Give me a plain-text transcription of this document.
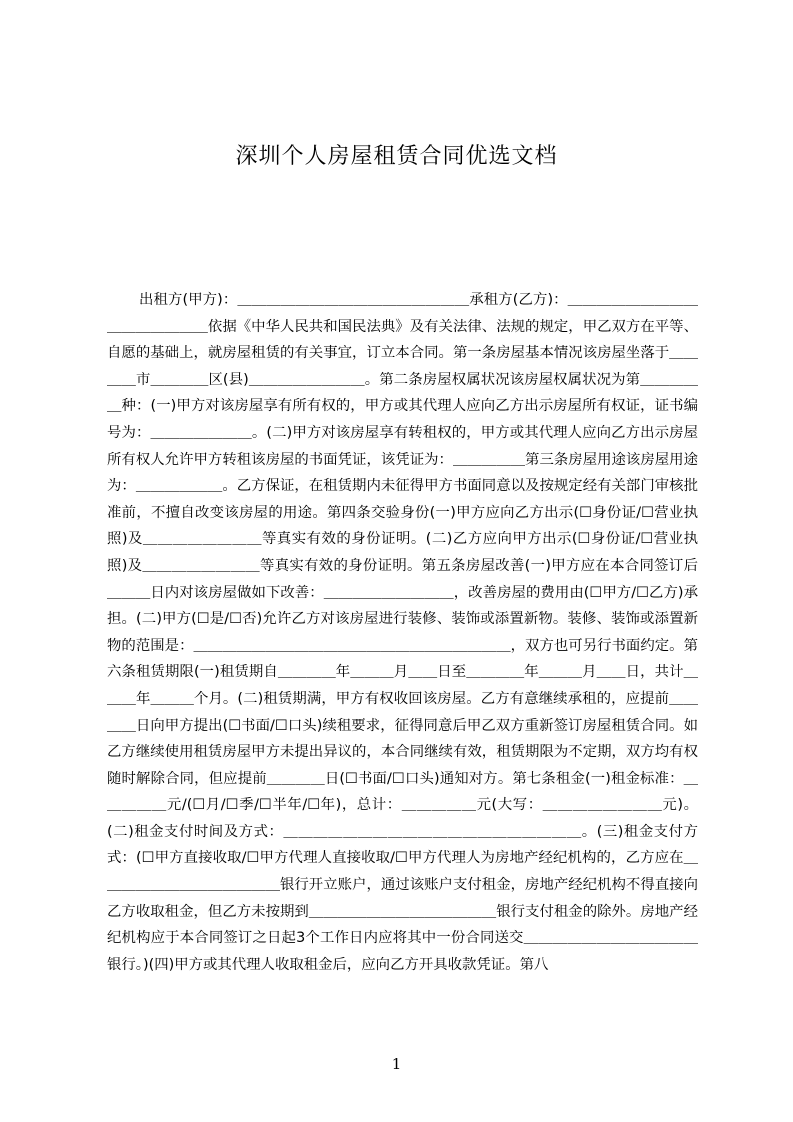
深圳个人房屋租赁合同优选文档
出租方(甲方)：＿＿＿＿＿＿＿＿＿＿＿＿＿＿＿＿承租方(乙方)：＿＿＿＿＿＿＿＿＿＿＿＿＿＿＿＿依据《中华人民共和国民法典》及有关法律、法规的规定，甲乙双方在平等、自愿的基础上，就房屋租赁的有关事宜，订立本合同。第一条房屋基本情况该房屋坐落于＿＿＿＿市＿＿＿＿区(县)＿＿＿＿＿＿＿＿。第二条房屋权属状况该房屋权属状况为第＿＿＿＿＿种：(一)甲方对该房屋享有所有权的，甲方或其代理人应向乙方出示房屋所有权证，证书编号为：＿＿＿＿＿＿＿。(二)甲方对该房屋享有转租权的，甲方或其代理人应向乙方出示房屋所有权人允许甲方转租该房屋的书面凭证，该凭证为：＿＿＿＿＿第三条房屋用途该房屋用途为：＿＿＿＿＿＿。乙方保证，在租赁期内未征得甲方书面同意以及按规定经有关部门审核批准前，不擅自改变该房屋的用途。第四条交验身份(一)甲方应向乙方出示(☐身份证/☐营业执照)及＿＿＿＿＿＿＿＿等真实有效的身份证明。(二)乙方应向甲方出示(☐身份证/☐营业执照)及＿＿＿＿＿＿＿＿等真实有效的身份证明。第五条房屋改善(一)甲方应在本合同签订后＿＿＿日内对该房屋做如下改善：＿＿＿＿＿＿＿＿＿，改善房屋的费用由(☐甲方/☐乙方)承担。(二)甲方(☐是/☐否)允许乙方对该房屋进行装修、装饰或添置新物。装修、装饰或添置新物的范围是：＿＿＿＿＿＿＿＿＿＿＿＿＿＿＿＿＿＿＿＿＿＿，双方也可另行书面约定。第六条租赁期限(一)租赁期自＿＿＿＿年＿＿＿月＿＿日至＿＿＿＿年＿＿＿月＿＿日，共计＿＿＿年＿＿＿个月。(二)租赁期满，甲方有权收回该房屋。乙方有意继续承租的，应提前＿＿＿＿日向甲方提出(☐书面/☐口头)续租要求，征得同意后甲乙双方重新签订房屋租赁合同。如乙方继续使用租赁房屋甲方未提出异议的，本合同继续有效，租赁期限为不定期，双方均有权随时解除合同，但应提前＿＿＿＿日(☐书面/☐口头)通知对方。第七条租金(一)租金标准：＿＿＿＿＿元/(☐月/☐季/☐半年/☐年)，总计：＿＿＿＿＿元(大写：＿＿＿＿＿＿＿＿元)。(二)租金支付时间及方式：＿＿＿＿＿＿＿＿＿＿＿＿＿＿＿＿＿＿＿＿。(三)租金支付方式：(☐甲方直接收取/☐甲方代理人直接收取/☐甲方代理人为房地产经纪机构的，乙方应在＿＿＿＿＿＿＿＿＿＿＿＿＿银行开立账户，通过该账户支付租金，房地产经纪机构不得直接向乙方收取租金，但乙方未按期到＿＿＿＿＿＿＿＿＿＿＿＿＿银行支付租金的除外。房地产经纪机构应于本合同签订之日起3个工作日内应将其中一份合同送交＿＿＿＿＿＿＿＿＿＿＿＿银行。)(四)甲方或其代理人收取租金后，应向乙方开具收款凭证。第八
1
